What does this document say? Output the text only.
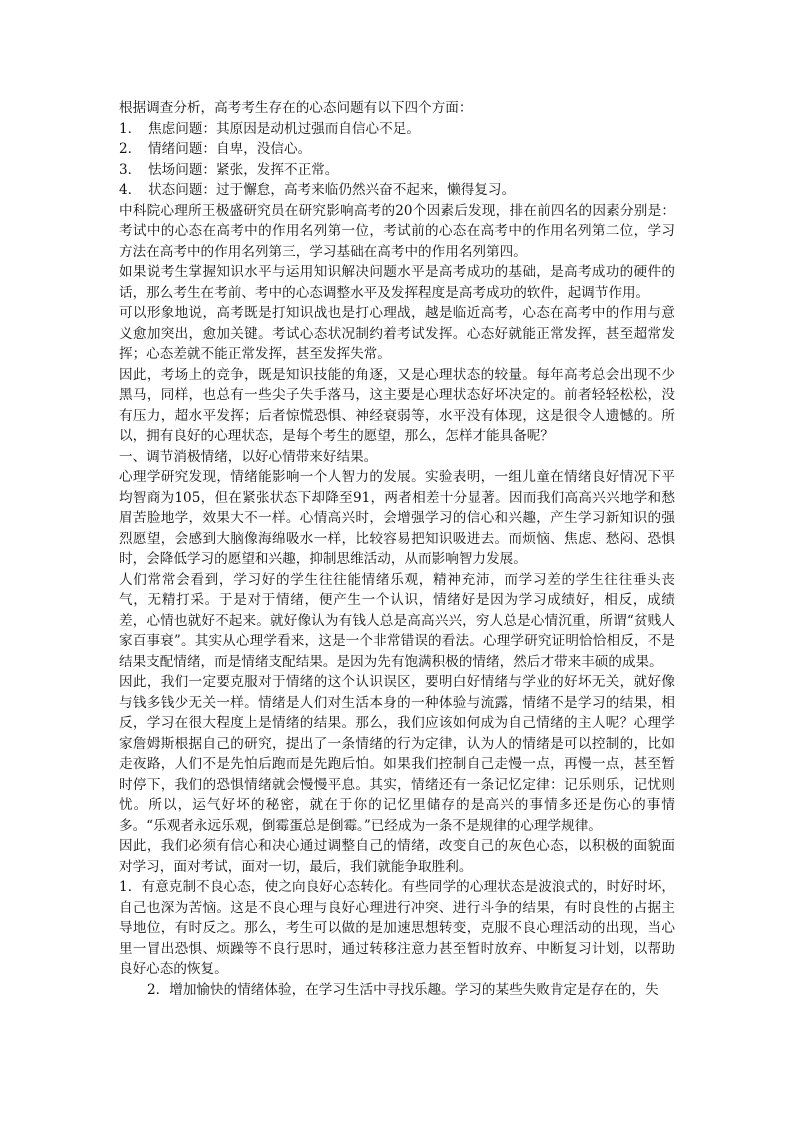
根据调查分析，高考考生存在的心态问题有以下四个方面：

1．　焦虑问题：其原因是动机过强而自信心不足。

2．　情绪问题：自卑，没信心。

3．　怯场问题：紧张，发挥不正常。

4．　状态问题：过于懈怠，高考来临仍然兴奋不起来，懒得复习。

中科院心理所王极盛研究员在研究影响高考的20个因素后发现，排在前四名的因素分别是：考试中的心态在高考中的作用名列第一位，考试前的心态在高考中的作用名列第二位，学习方法在高考中的作用名列第三，学习基础在高考中的作用名列第四。

如果说考生掌握知识水平与运用知识解决问题水平是高考成功的基础，是高考成功的硬件的话，那么考生在考前、考中的心态调整水平及发挥程度是高考成功的软件，起调节作用。

可以形象地说，高考既是打知识战也是打心理战，越是临近高考，心态在高考中的作用与意义愈加突出，愈加关键。考试心态状况制约着考试发挥。心态好就能正常发挥，甚至超常发挥；心态差就不能正常发挥，甚至发挥失常。

因此，考场上的竞争，既是知识技能的角逐，又是心理状态的较量。每年高考总会出现不少黑马，同样，也总有一些尖子失手落马，这主要是心理状态好坏决定的。前者轻轻松松，没有压力，超水平发挥；后者惊慌恐惧、神经衰弱等，水平没有体现，这是很令人遗憾的。所以，拥有良好的心理状态，是每个考生的愿望，那么，怎样才能具备呢？

一、调节消极情绪，以好心情带来好结果。

心理学研究发现，情绪能影响一个人智力的发展。实验表明，一组儿童在情绪良好情况下平均智商为105，但在紧张状态下却降至91，两者相差十分显著。因而我们高高兴兴地学和愁眉苦脸地学，效果大不一样。心情高兴时，会增强学习的信心和兴趣，产生学习新知识的强烈愿望，会感到大脑像海绵吸水一样，比较容易把知识吸进去。而烦恼、焦虑、愁闷、恐惧时，会降低学习的愿望和兴趣，抑制思维活动，从而影响智力发展。

人们常常会看到，学习好的学生往往能情绪乐观，精神充沛，而学习差的学生往往垂头丧气，无精打采。于是对于情绪，便产生一个认识，情绪好是因为学习成绩好，相反，成绩差，心情也就好不起来。就好像认为有钱人总是高高兴兴，穷人总是心情沉重，所谓“贫贱人家百事衰”。其实从心理学看来，这是一个非常错误的看法。心理学研究证明恰恰相反，不是结果支配情绪，而是情绪支配结果。是因为先有饱满积极的情绪，然后才带来丰硕的成果。

因此，我们一定要克服对于情绪的这个认识误区，要明白好情绪与学业的好坏无关，就好像与钱多钱少无关一样。情绪是人们对生活本身的一种体验与流露，情绪不是学习的结果，相反，学习在很大程度上是情绪的结果。那么，我们应该如何成为自己情绪的主人呢？心理学家詹姆斯根据自己的研究，提出了一条情绪的行为定律，认为人的情绪是可以控制的，比如走夜路，人们不是先怕后跑而是先跑后怕。如果我们控制自己走慢一点，再慢一点，甚至暂时停下，我们的恐惧情绪就会慢慢平息。其实，情绪还有一条记忆定律：记乐则乐，记忧则忧。所以，运气好坏的秘密，就在于你的记忆里储存的是高兴的事情多还是伤心的事情多。“乐观者永远乐观，倒霉蛋总是倒霉。”已经成为一条不是规律的心理学规律。

因此，我们必须有信心和决心通过调整自己的情绪，改变自己的灰色心态，以积极的面貌面对学习，面对考试，面对一切，最后，我们就能争取胜利。

1．有意克制不良心态，使之向良好心态转化。有些同学的心理状态是波浪式的，时好时坏，自己也深为苦恼。这是不良心理与良好心理进行冲突、进行斗争的结果，有时良性的占据主导地位，有时反之。那么，考生可以做的是加速思想转变，克服不良心理活动的出现，当心里一冒出恐惧、烦躁等不良行思时，通过转移注意力甚至暂时放弃、中断复习计划，以帮助良好心态的恢复。

2．增加愉快的情绪体验，在学习生活中寻找乐趣。学习的某些失败肯定是存在的，失
